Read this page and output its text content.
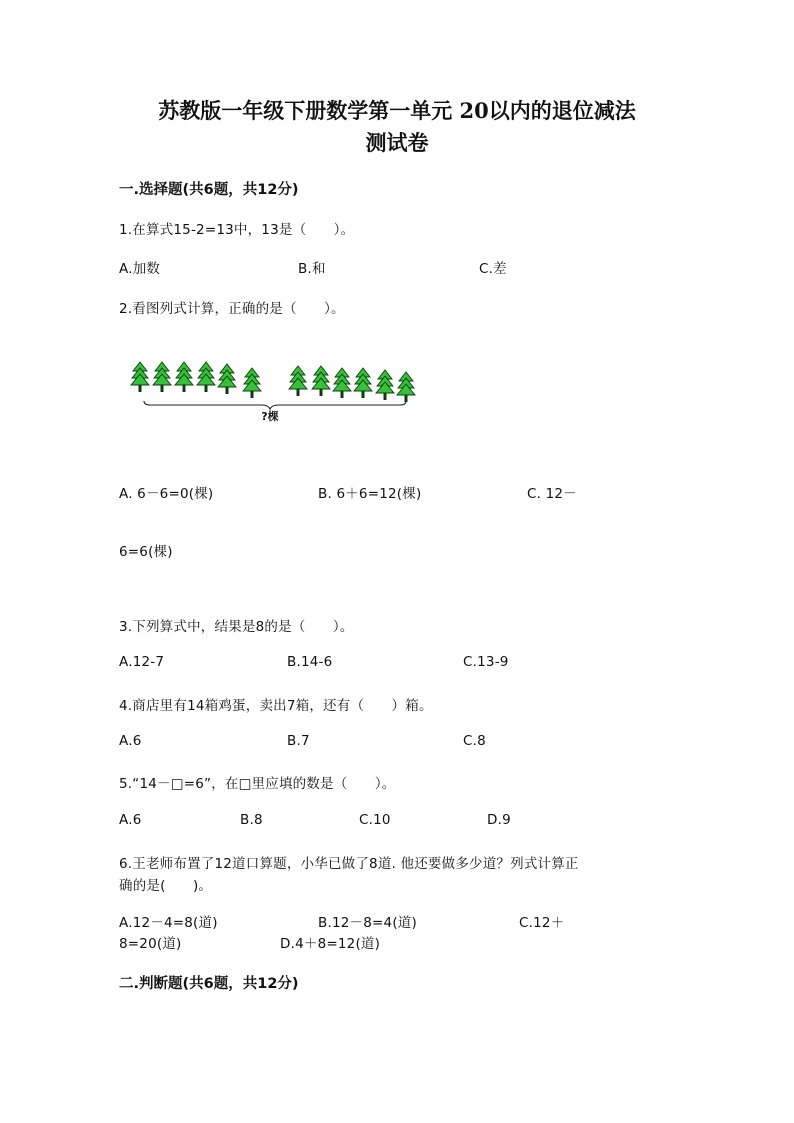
苏教版一年级下册数学第一单元 20以内的退位减法
测试卷
一.选择题(共6题，共12分)
1.在算式15-2=13中，13是（　　）。
A.加数	B.和	C.差
2.看图列式计算，正确的是（　　）。
?棵
A. 6－6=0(棵)	B. 6＋6=12(棵)	C. 12－
6=6(棵)
3.下列算式中，结果是8的是（　　）。
A.12-7	B.14-6	C.13-9
4.商店里有14箱鸡蛋，卖出7箱，还有（　　）箱。
A.6	B.7	C.8
5.“14－□=6”，在□里应填的数是（　　）。
A.6	B.8	C.10	D.9
6.王老师布置了12道口算题，小华已做了8道. 他还要做多少道？列式计算正
确的是(　　)。
A.12－4=8(道)	B.12－8=4(道)	C.12＋
8=20(道)	D.4＋8=12(道)
二.判断题(共6题，共12分)
